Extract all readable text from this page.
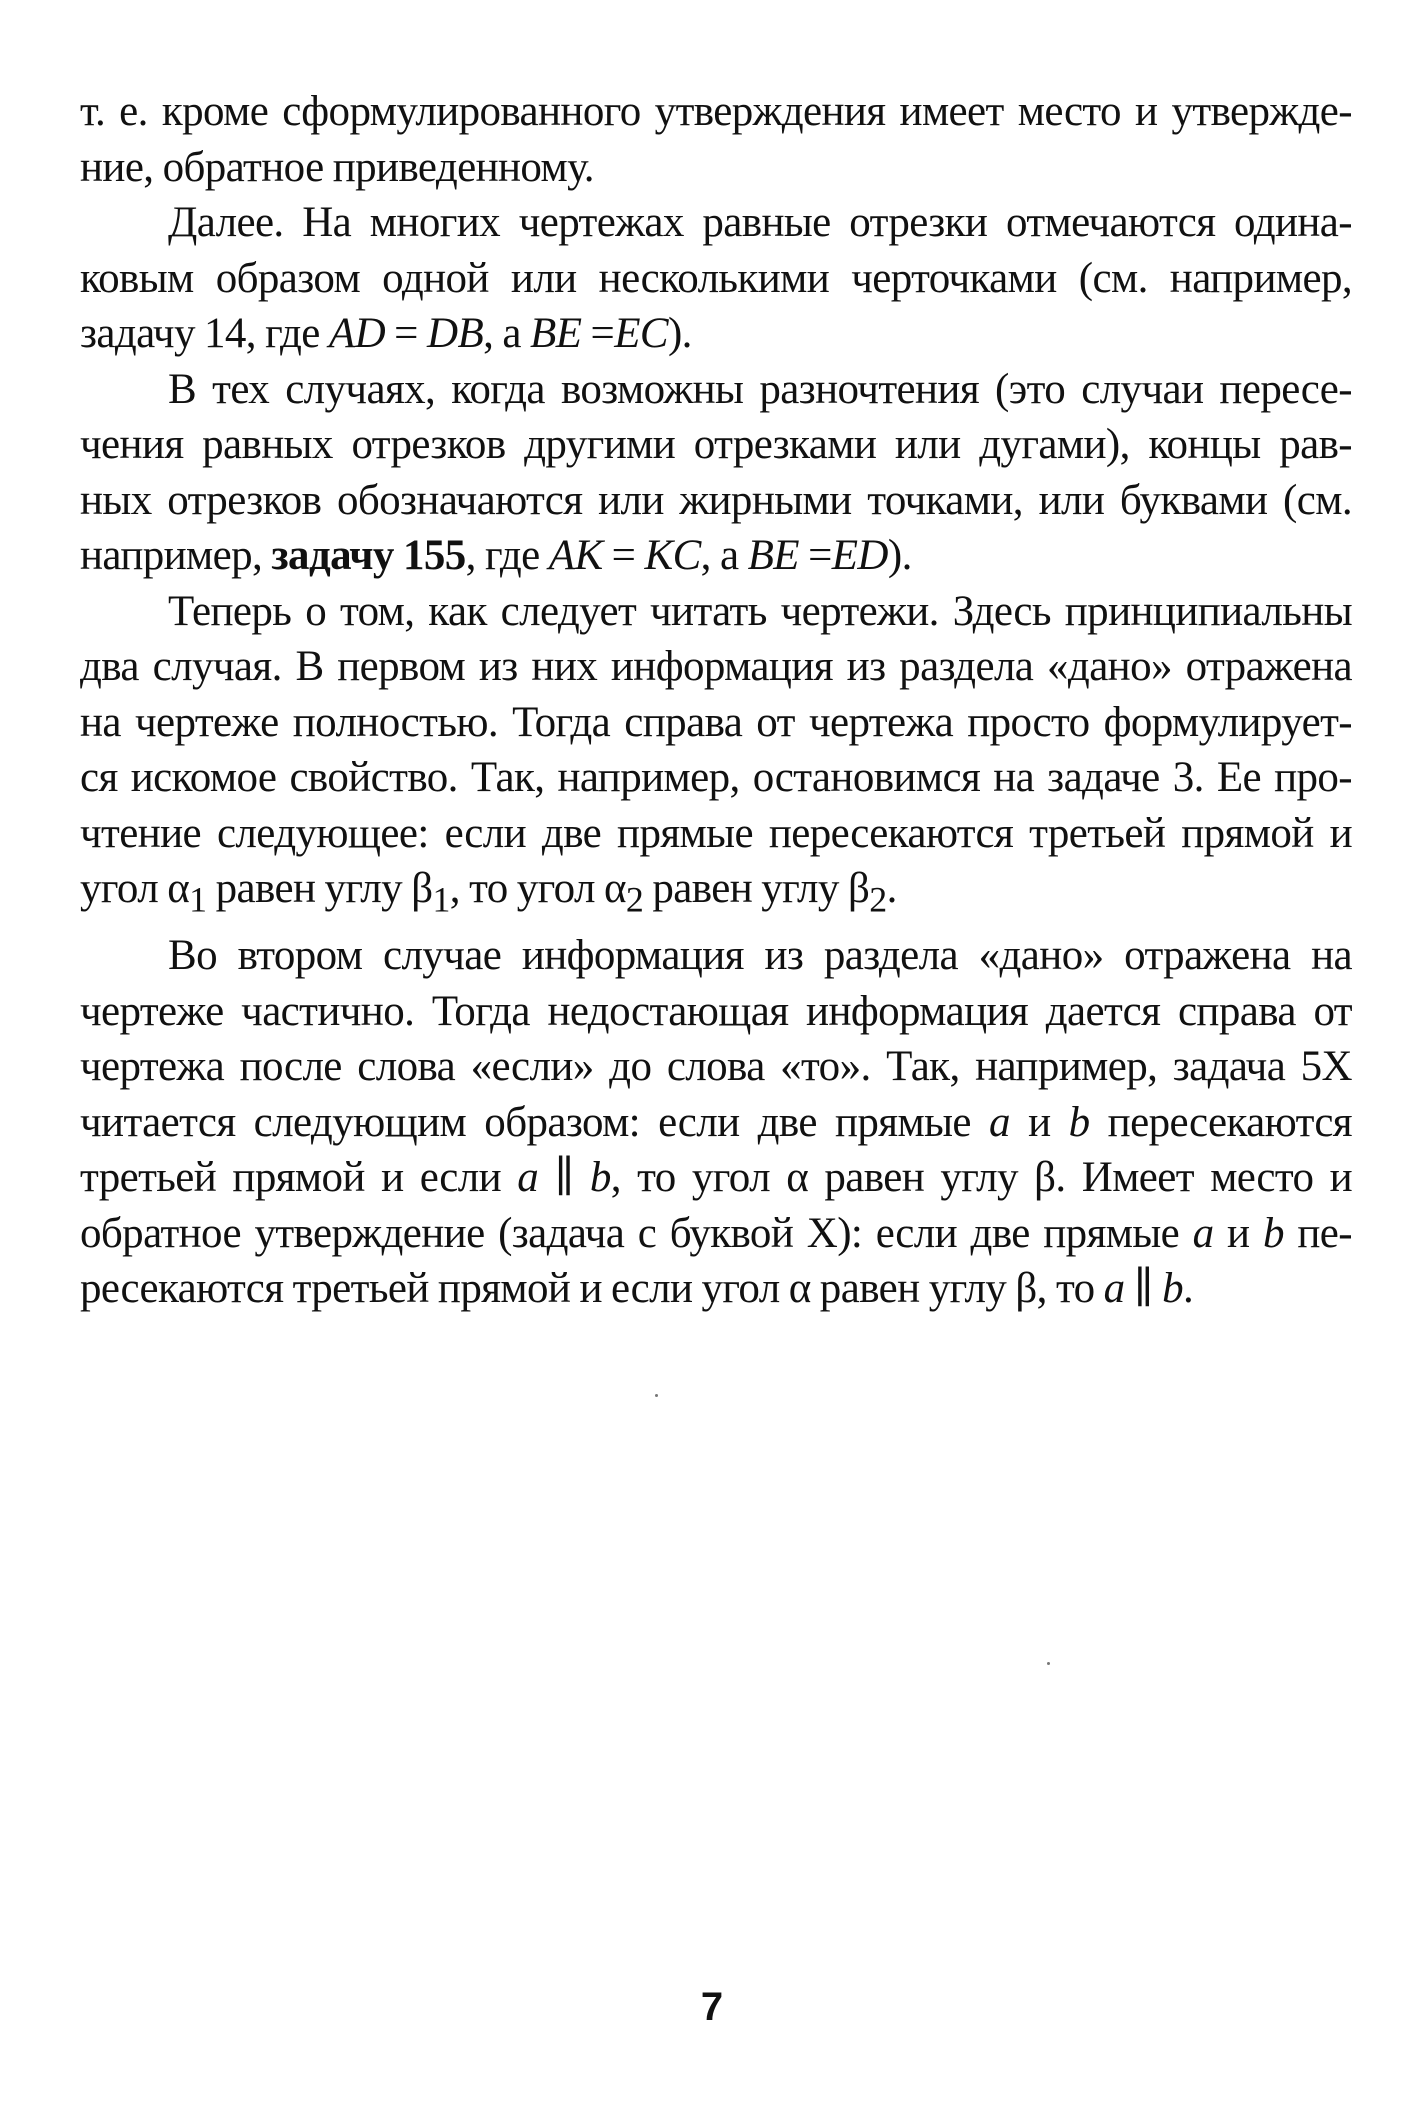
т. е. кроме сформулированного утверждения имеет место и утвержде-
ние, обратное приведенному.

Далее. На многих чертежах равные отрезки отмечаются одина-
ковым образом одной или несколькими черточками (см. например,
задачу 14, где AD = DB, а BE =EC).

В тех случаях, когда возможны разночтения (это случаи пересе-
чения равных отрезков другими отрезками или дугами), концы рав-
ных отрезков обозначаются или жирными точками, или буквами (см.
например, задачу 155, где AK = KC, а BE =ED).

Теперь о том, как следует читать чертежи. Здесь принципиальны
два случая. В первом из них информация из раздела «дано» отражена
на чертеже полностью. Тогда справа от чертежа просто формулирует-
ся искомое свойство. Так, например, остановимся на задаче 3. Ее про-
чтение следующее: если две прямые пересекаются третьей прямой и
угол $\alpha_1$ равен углу $\beta_1$, то угол $\alpha_2$ равен углу $\beta_2$.

Во втором случае информация из раздела «дано» отражена на
чертеже частично. Тогда недостающая информация дается справа от
чертежа после слова «если» до слова «то». Так, например, задача 5Х
читается следующим образом: если две прямые a и b пересекаются
третьей прямой и если a ∥ b, то угол α равен углу β. Имеет место и
обратное утверждение (задача с буквой Х): если две прямые a и b пе-
ресекаются третьей прямой и если угол α равен углу β, то a ∥ b.

7
